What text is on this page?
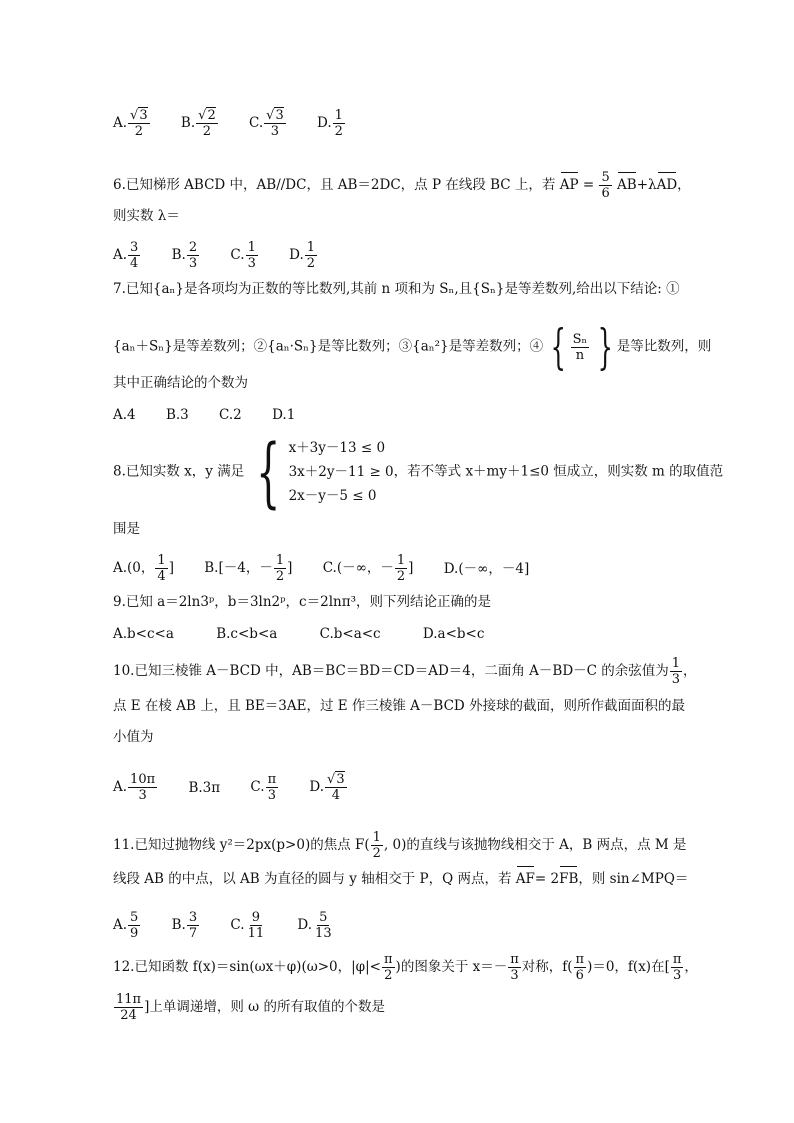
A. $\frac{√3}{2} B$. $\frac{√2}{2} C$. $\frac{√3}{3} D$. $\frac{1}{2}$
6.已知梯形 ABCD 中，AB//DC，且 AB＝2DC，点 P 在线段 BC 上，若 AP = $\frac{5}{6} AB+\lambda AD$，
则实数 λ＝
A. $\frac{3}{4} B$. $\frac{2}{3} C$. $\frac{1}{3} D$. $\frac{1}{2}$
7.已知{aₙ}是各项均为正数的等比数列,其前 n 项和为 Sₙ,且{Sₙ}是等差数列,给出以下结论: ①
{aₙ＋Sₙ}是等差数列；②{aₙ·Sₙ}是等比数列；③{aₙ²}是等差数列；④ { $\frac{\text{Sₙ}}{n}$ } 是等比数列，则
其中正确结论的个数为
A.4 B.3 C.2 D.1
8.已知实数 x，y 满足 { x＋3y－13 ≤ 0
3x＋2y－11 ≥ 0
2x－y－5 ≤ 0
，若不等式 x＋my＋1≤0 恒成立，则实数 m 的取值范
围是
A.(0， $\frac{1}{4}$ ] B.[－4，－ $\frac{1}{2}$ ] C.(－∞，－ $\frac{1}{2}$ ] D.(－∞，－4]
9.已知 a＝2ln3ᵖ，b＝3ln2ᵖ，c＝2lnπ³，则下列结论正确的是
A.b<c<a	B.c<b<a	C.b<a<c	D.a<b<c
10.已知三棱锥 A－BCD 中，AB＝BC＝BD＝CD＝AD＝4，二面角 A－BD－C 的余弦值为 $\frac{1}{3}$ ，
点 E 在棱 AB 上，且 BE＝3AE，过 E 作三棱锥 A－BCD 外接球的截面，则所作截面面积的最
小值为
A. $\frac{10\pi}{3} B.3\pi$ C. $\frac{\pi}{3} D$. $\frac{√3}{4}$
11.已知过抛物线 y²＝2px(p>0)的焦点 $F( \frac{1}{2}$ , 0)的直线与该抛物线相交于 A，B 两点，点 M 是
线段 AB 的中点，以 AB 为直径的圆与 y 轴相交于 P，Q 两点，若 AF= 2FB，则 sin∠MPQ＝
A. $\frac{5}{9} B$. $\frac{3}{7} C$. $\frac{9}{11} D$. $\frac{5}{13}$
12.已知函数 f(x)＝sin(ωx＋φ)(ω>0，$|\varphi|< \frac{\pi}{2}$ )的图象关于 $x=- \frac{\pi}{3}$ 对称，$f( \frac{\pi}{6} )=0$，f(x)在[ $\frac{\pi}{3}$ ，
$\frac{11\pi}{24}$ ]上单调递增，则 ω 的所有取值的个数是
